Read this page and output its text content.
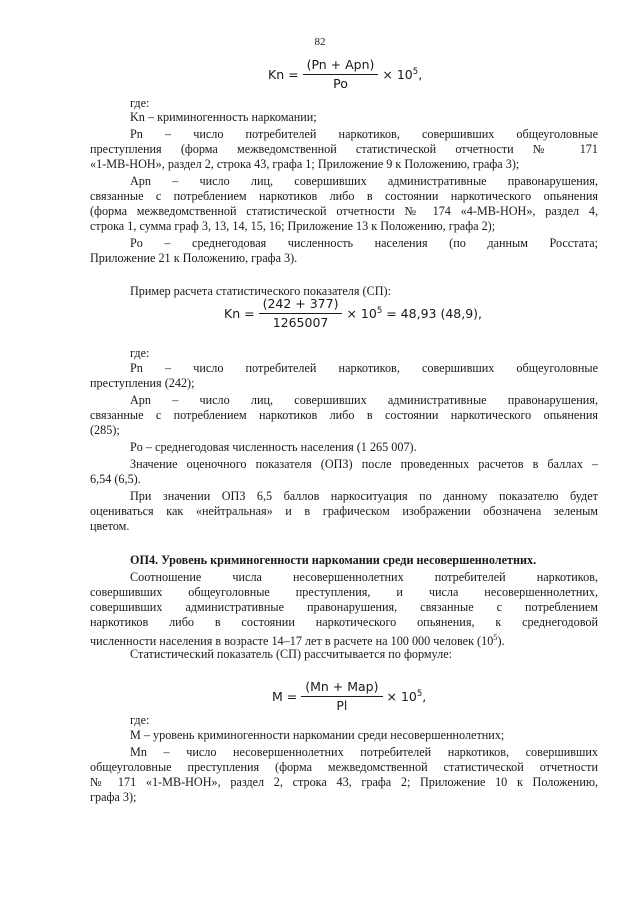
82
$Kn = \frac{\text{(Pn + Apn)}}{Po} \times 10^5$,
где:
Kn – криминогенность наркомании;
Pn – число потребителей наркотиков, совершивших общеуголовные
преступления (форма межведомственной статистической отчетности № 171
«1-МВ-НОН», раздел 2, строка 43, графа 1; Приложение 9 к Положению, графа 3);
Apn – число лиц, совершивших административные правонарушения,
связанные с потреблением наркотиков либо в состоянии наркотического опьянения
(форма межведомственной статистической отчетности № 174 «4-МВ-НОН», раздел 4,
строка 1, сумма граф 3, 13, 14, 15, 16; Приложение 13 к Положению, графа 2);
Po – среднегодовая численность населения (по данным Росстата;
Приложение 21 к Положению, графа 3).
Пример расчета статистического показателя (СП):
$Kn = \frac{(242 + 377)}{1265007} \times 10^5 = 48,93$ (48,9),
где:
Pn – число потребителей наркотиков, совершивших общеуголовные
преступления (242);
Apn – число лиц, совершивших административные правонарушения,
связанные с потреблением наркотиков либо в состоянии наркотического опьянения
(285);
Po – среднегодовая численность населения (1 265 007).
Значение оценочного показателя (ОПЗ) после проведенных расчетов в баллах –
6,54 (6,5).
При значении ОПЗ 6,5 баллов наркоситуация по данному показателю будет
оцениваться как «нейтральная» и в графическом изображении обозначена зеленым
цветом.
ОП4. Уровень криминогенности наркомании среди несовершеннолетних.
Соотношение числа несовершеннолетних потребителей наркотиков,
совершивших общеуголовные преступления, и числа несовершеннолетних,
совершивших административные правонарушения, связанные с потреблением
наркотиков либо в состоянии наркотического опьянения, к среднегодовой
численности населения в возрасте 14–17 лет в расчете на 100 000 человек $(10^5)$.
Статистический показатель (СП) рассчитывается по формуле:
$M = \frac{\text{(Mn + Map)}}{Pl} \times 10^5$,
где:
M – уровень криминогенности наркомании среди несовершеннолетних;
Mn – число несовершеннолетних потребителей наркотиков, совершивших
общеуголовные преступления (форма межведомственной статистической отчетности
№ 171 «1-МВ-НОН», раздел 2, строка 43, графа 2; Приложение 10 к Положению,
графа 3);
